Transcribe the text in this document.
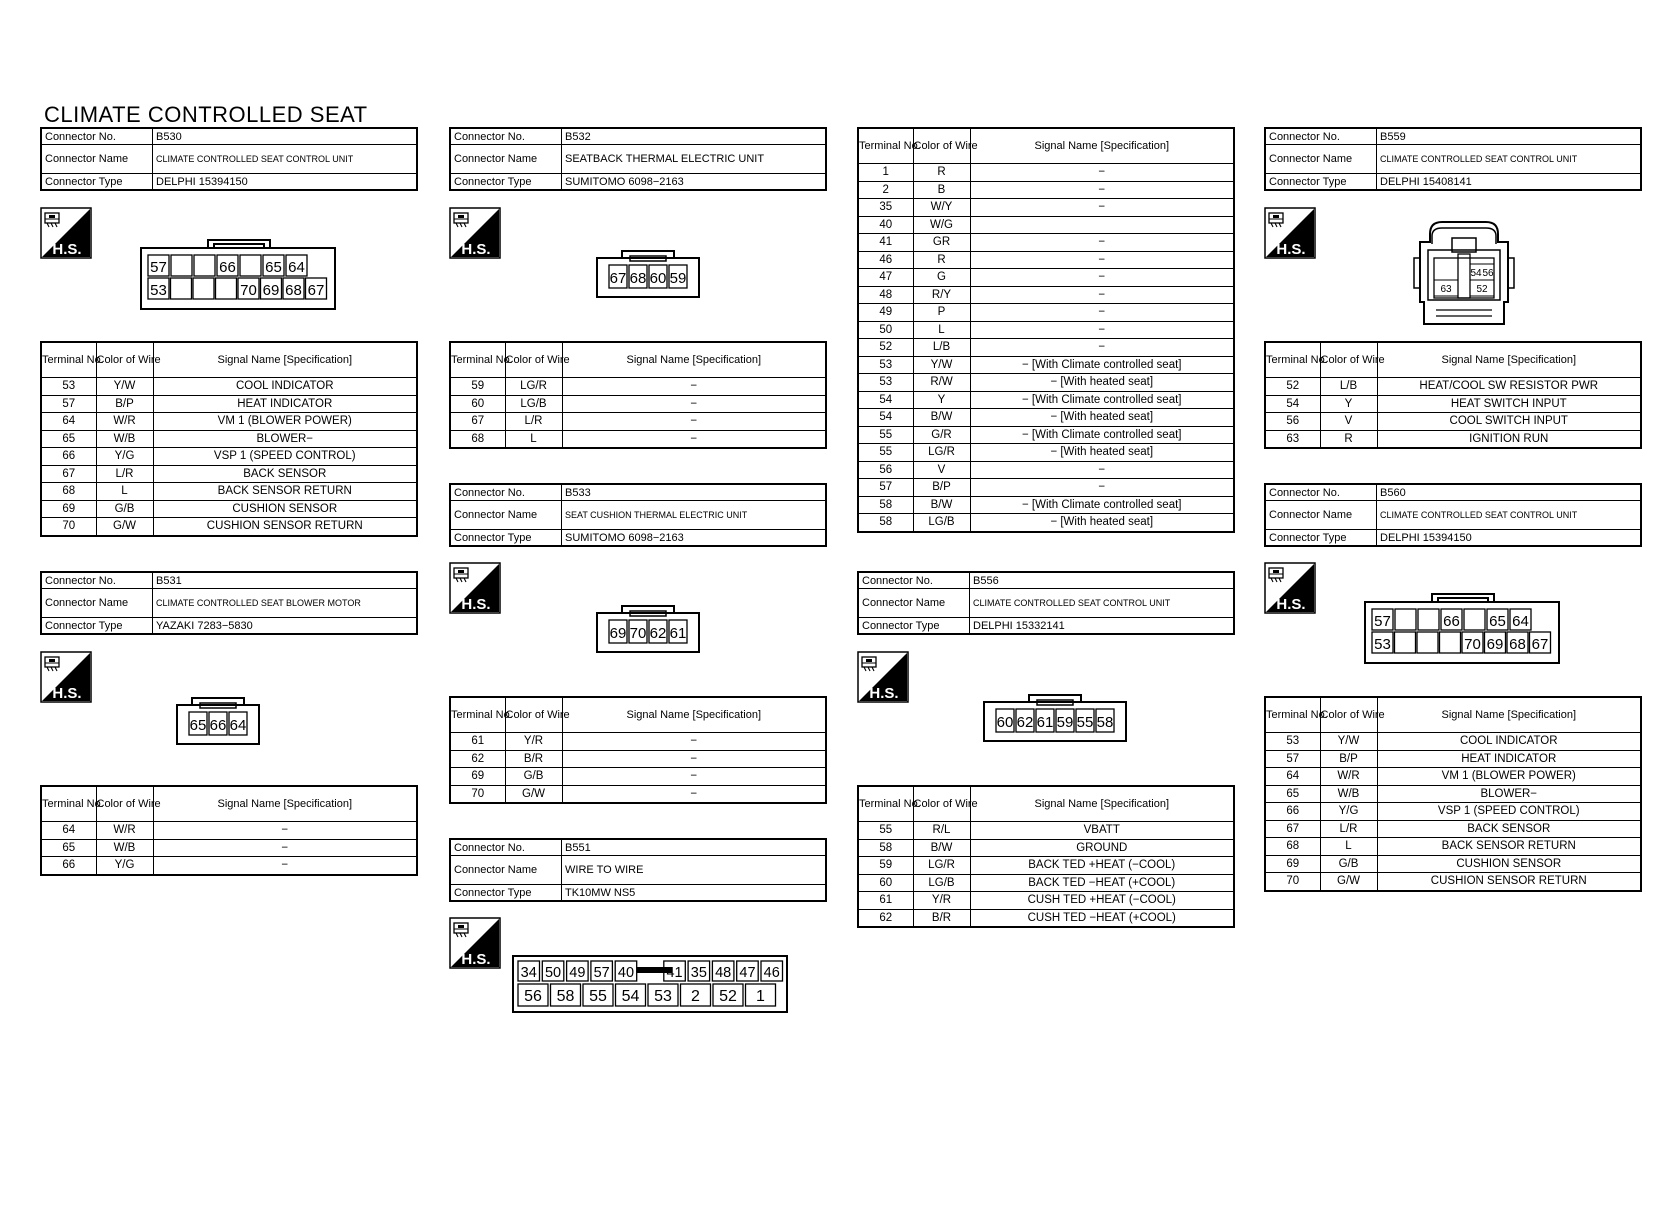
CLIMATE CONTROLLED SEAT
Connector No.	B530
Connector Name	CLIMATE CONTROLLED SEAT CONTROL UNIT
Connector Type	DELPHI 15394150
H.S.
57	66 65 64
53	70 69 68 67
Terminal No.	Color of Wire	Signal Name [Specification]
53	Y/W	COOL INDICATOR
57	B/P	HEAT INDICATOR
64	W/R	VM 1 (BLOWER POWER)
65	W/B	BLOWER−
66	Y/G	VSP 1 (SPEED CONTROL)
67	L/R	BACK SENSOR
68	L	BACK SENSOR RETURN
69	G/B	CUSHION SENSOR
70	G/W	CUSHION SENSOR RETURN
Connector No.	B531
Connector Name	CLIMATE CONTROLLED SEAT BLOWER MOTOR
Connector Type	YAZAKI 7283−5830
H.S.
65 66 64
Terminal No.	Color of Wire	Signal Name [Specification]
64	W/R	−
65	W/B	−
66	Y/G	−
Connector No.	B532
Connector Name	SEATBACK THERMAL ELECTRIC UNIT
Connector Type	SUMITOMO 6098−2163
H.S.
67 68 60 59
Terminal No.	Color of Wire	Signal Name [Specification]
59	LG/R	−
60	LG/B	−
67	L/R	−
68	L	−
Connector No.	B533
Connector Name	SEAT CUSHION THERMAL ELECTRIC UNIT
Connector Type	SUMITOMO 6098−2163
H.S.
69 70 62 61
Terminal No.	Color of Wire	Signal Name [Specification]
61	Y/R	−
62	B/R	−
69	G/B	−
70	G/W	−
Connector No.	B551
Connector Name	WIRE TO WIRE
Connector Type	TK10MW NS5
H.S.
34 50 49 57 40 41 35 48 47 46
56 58 55 54 53 2 52 1
Terminal No.	Color of Wire	Signal Name [Specification]
1	R	−
2	B	−
35	W/Y	−
40	W/G	
41	GR	−
46	R	−
47	G	−
48	R/Y	−
49	P	−
50	L	−
52	L/B	−
53	Y/W	− [With Climate controlled seat]
53	R/W	− [With heated seat]
54	Y	− [With Climate controlled seat]
54	B/W	− [With heated seat]
55	G/R	− [With Climate controlled seat]
55	LG/R	− [With heated seat]
56	V	−
57	B/P	−
58	B/W	− [With Climate controlled seat]
58	LG/B	− [With heated seat]
Connector No.	B556
Connector Name	CLIMATE CONTROLLED SEAT CONTROL UNIT
Connector Type	DELPHI 15332141
H.S.
60 62 61 59 55 58
Terminal No.	Color of Wire	Signal Name [Specification]
55	R/L	VBATT
58	B/W	GROUND
59	LG/R	BACK TED +HEAT (−COOL)
60	LG/B	BACK TED −HEAT (+COOL)
61	Y/R	CUSH TED +HEAT (−COOL)
62	B/R	CUSH TED −HEAT (+COOL)
Connector No.	B559
Connector Name	CLIMATE CONTROLLED SEAT CONTROL UNIT
Connector Type	DELPHI 15408141
H.S.
54 56
63 52
Terminal No.	Color of Wire	Signal Name [Specification]
52	L/B	HEAT/COOL SW RESISTOR PWR
54	Y	HEAT SWITCH INPUT
56	V	COOL SWITCH INPUT
63	R	IGNITION RUN
Connector No.	B560
Connector Name	CLIMATE CONTROLLED SEAT CONTROL UNIT
Connector Type	DELPHI 15394150
H.S.
57	66 65 64
53	70 69 68 67
Terminal No.	Color of Wire	Signal Name [Specification]
53	Y/W	COOL INDICATOR
57	B/P	HEAT INDICATOR
64	W/R	VM 1 (BLOWER POWER)
65	W/B	BLOWER−
66	Y/G	VSP 1 (SPEED CONTROL)
67	L/R	BACK SENSOR
68	L	BACK SENSOR RETURN
69	G/B	CUSHION SENSOR
70	G/W	CUSHION SENSOR RETURN
